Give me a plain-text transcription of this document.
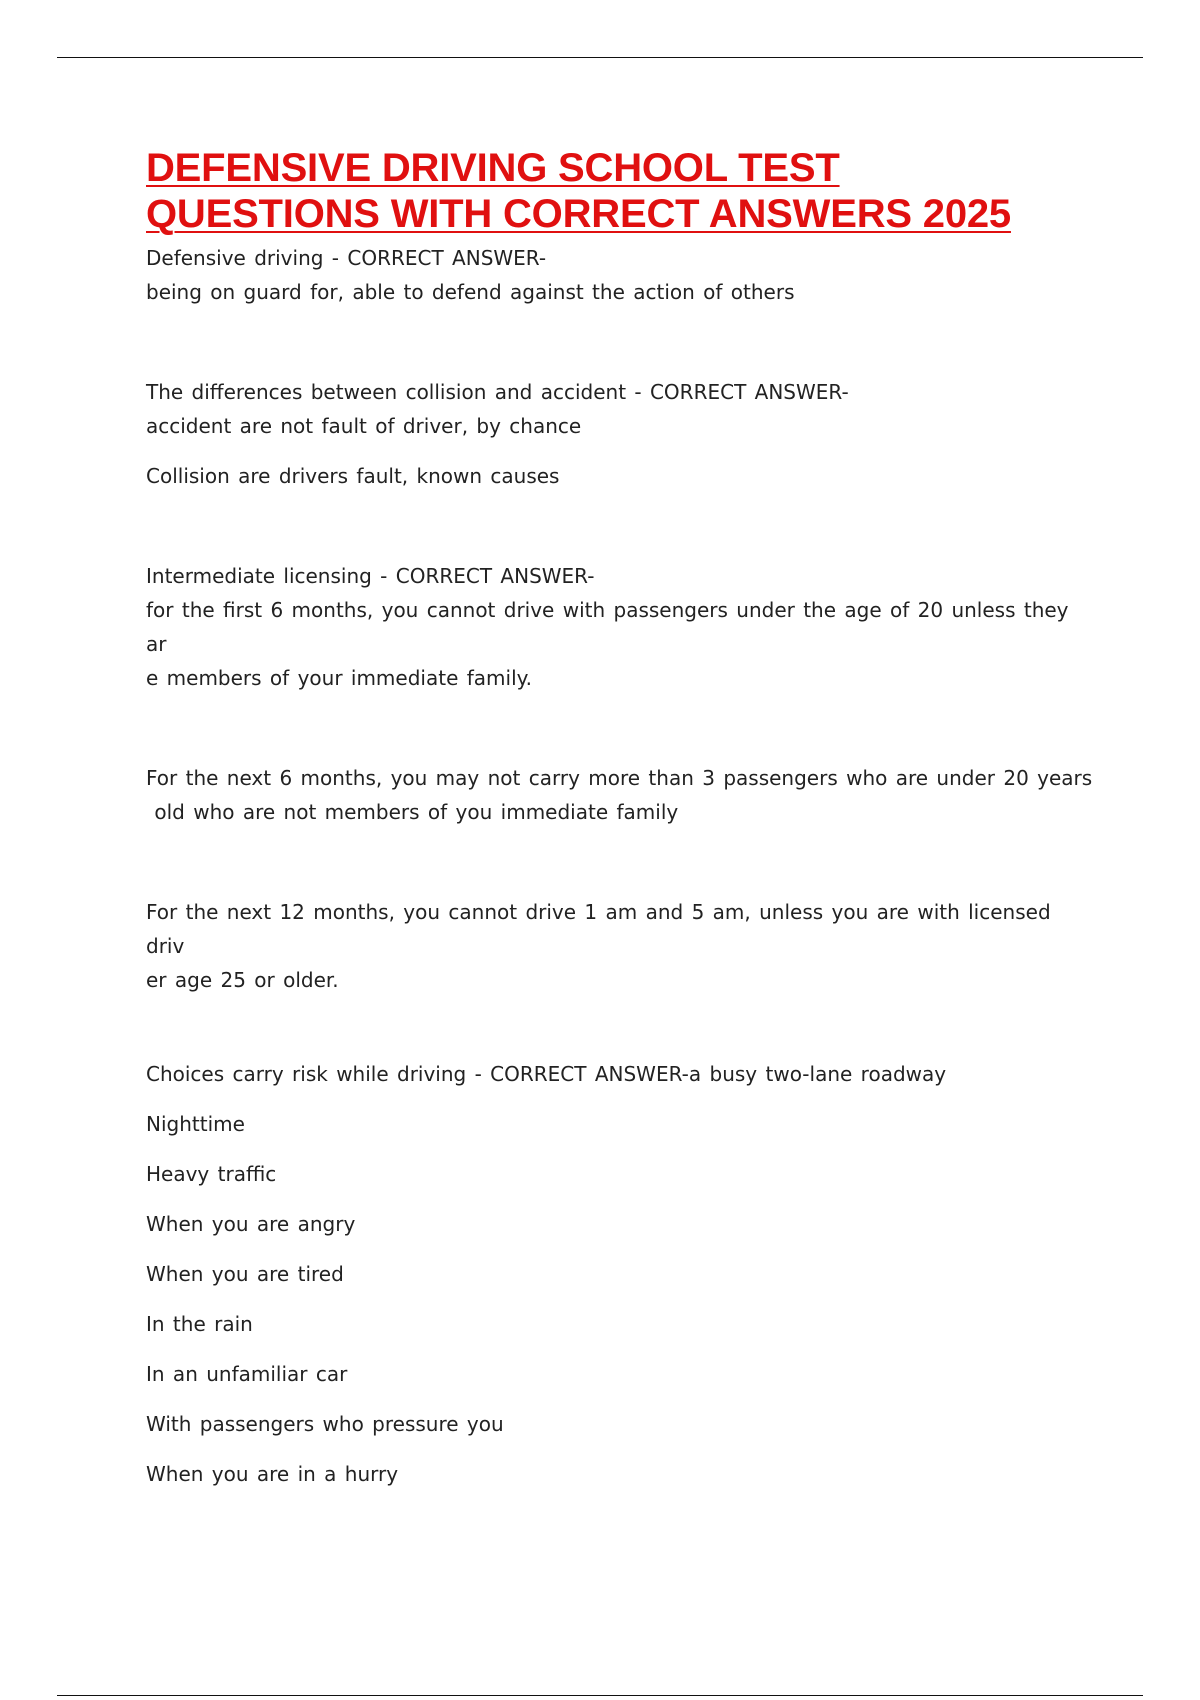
DEFENSIVE DRIVING SCHOOL TEST
QUESTIONS WITH CORRECT ANSWERS 2025

Defensive driving - CORRECT ANSWER-

being on guard for, able to defend against the action of others

The differences between collision and accident - CORRECT ANSWER-

accident are not fault of driver, by chance

Collision are drivers fault, known causes

Intermediate licensing - CORRECT ANSWER-

for the first 6 months, you cannot drive with passengers under the age of 20 unless they ar

e members of your immediate family.

For the next 6 months, you may not carry more than 3 passengers who are under 20 years

old who are not members of you immediate family

For the next 12 months, you cannot drive 1 am and 5 am, unless you are with licensed driv

er age 25 or older.

Choices carry risk while driving - CORRECT ANSWER-a busy two-lane roadway

Nighttime

Heavy traffic

When you are angry

When you are tired

In the rain

In an unfamiliar car

With passengers who pressure you

When you are in a hurry
